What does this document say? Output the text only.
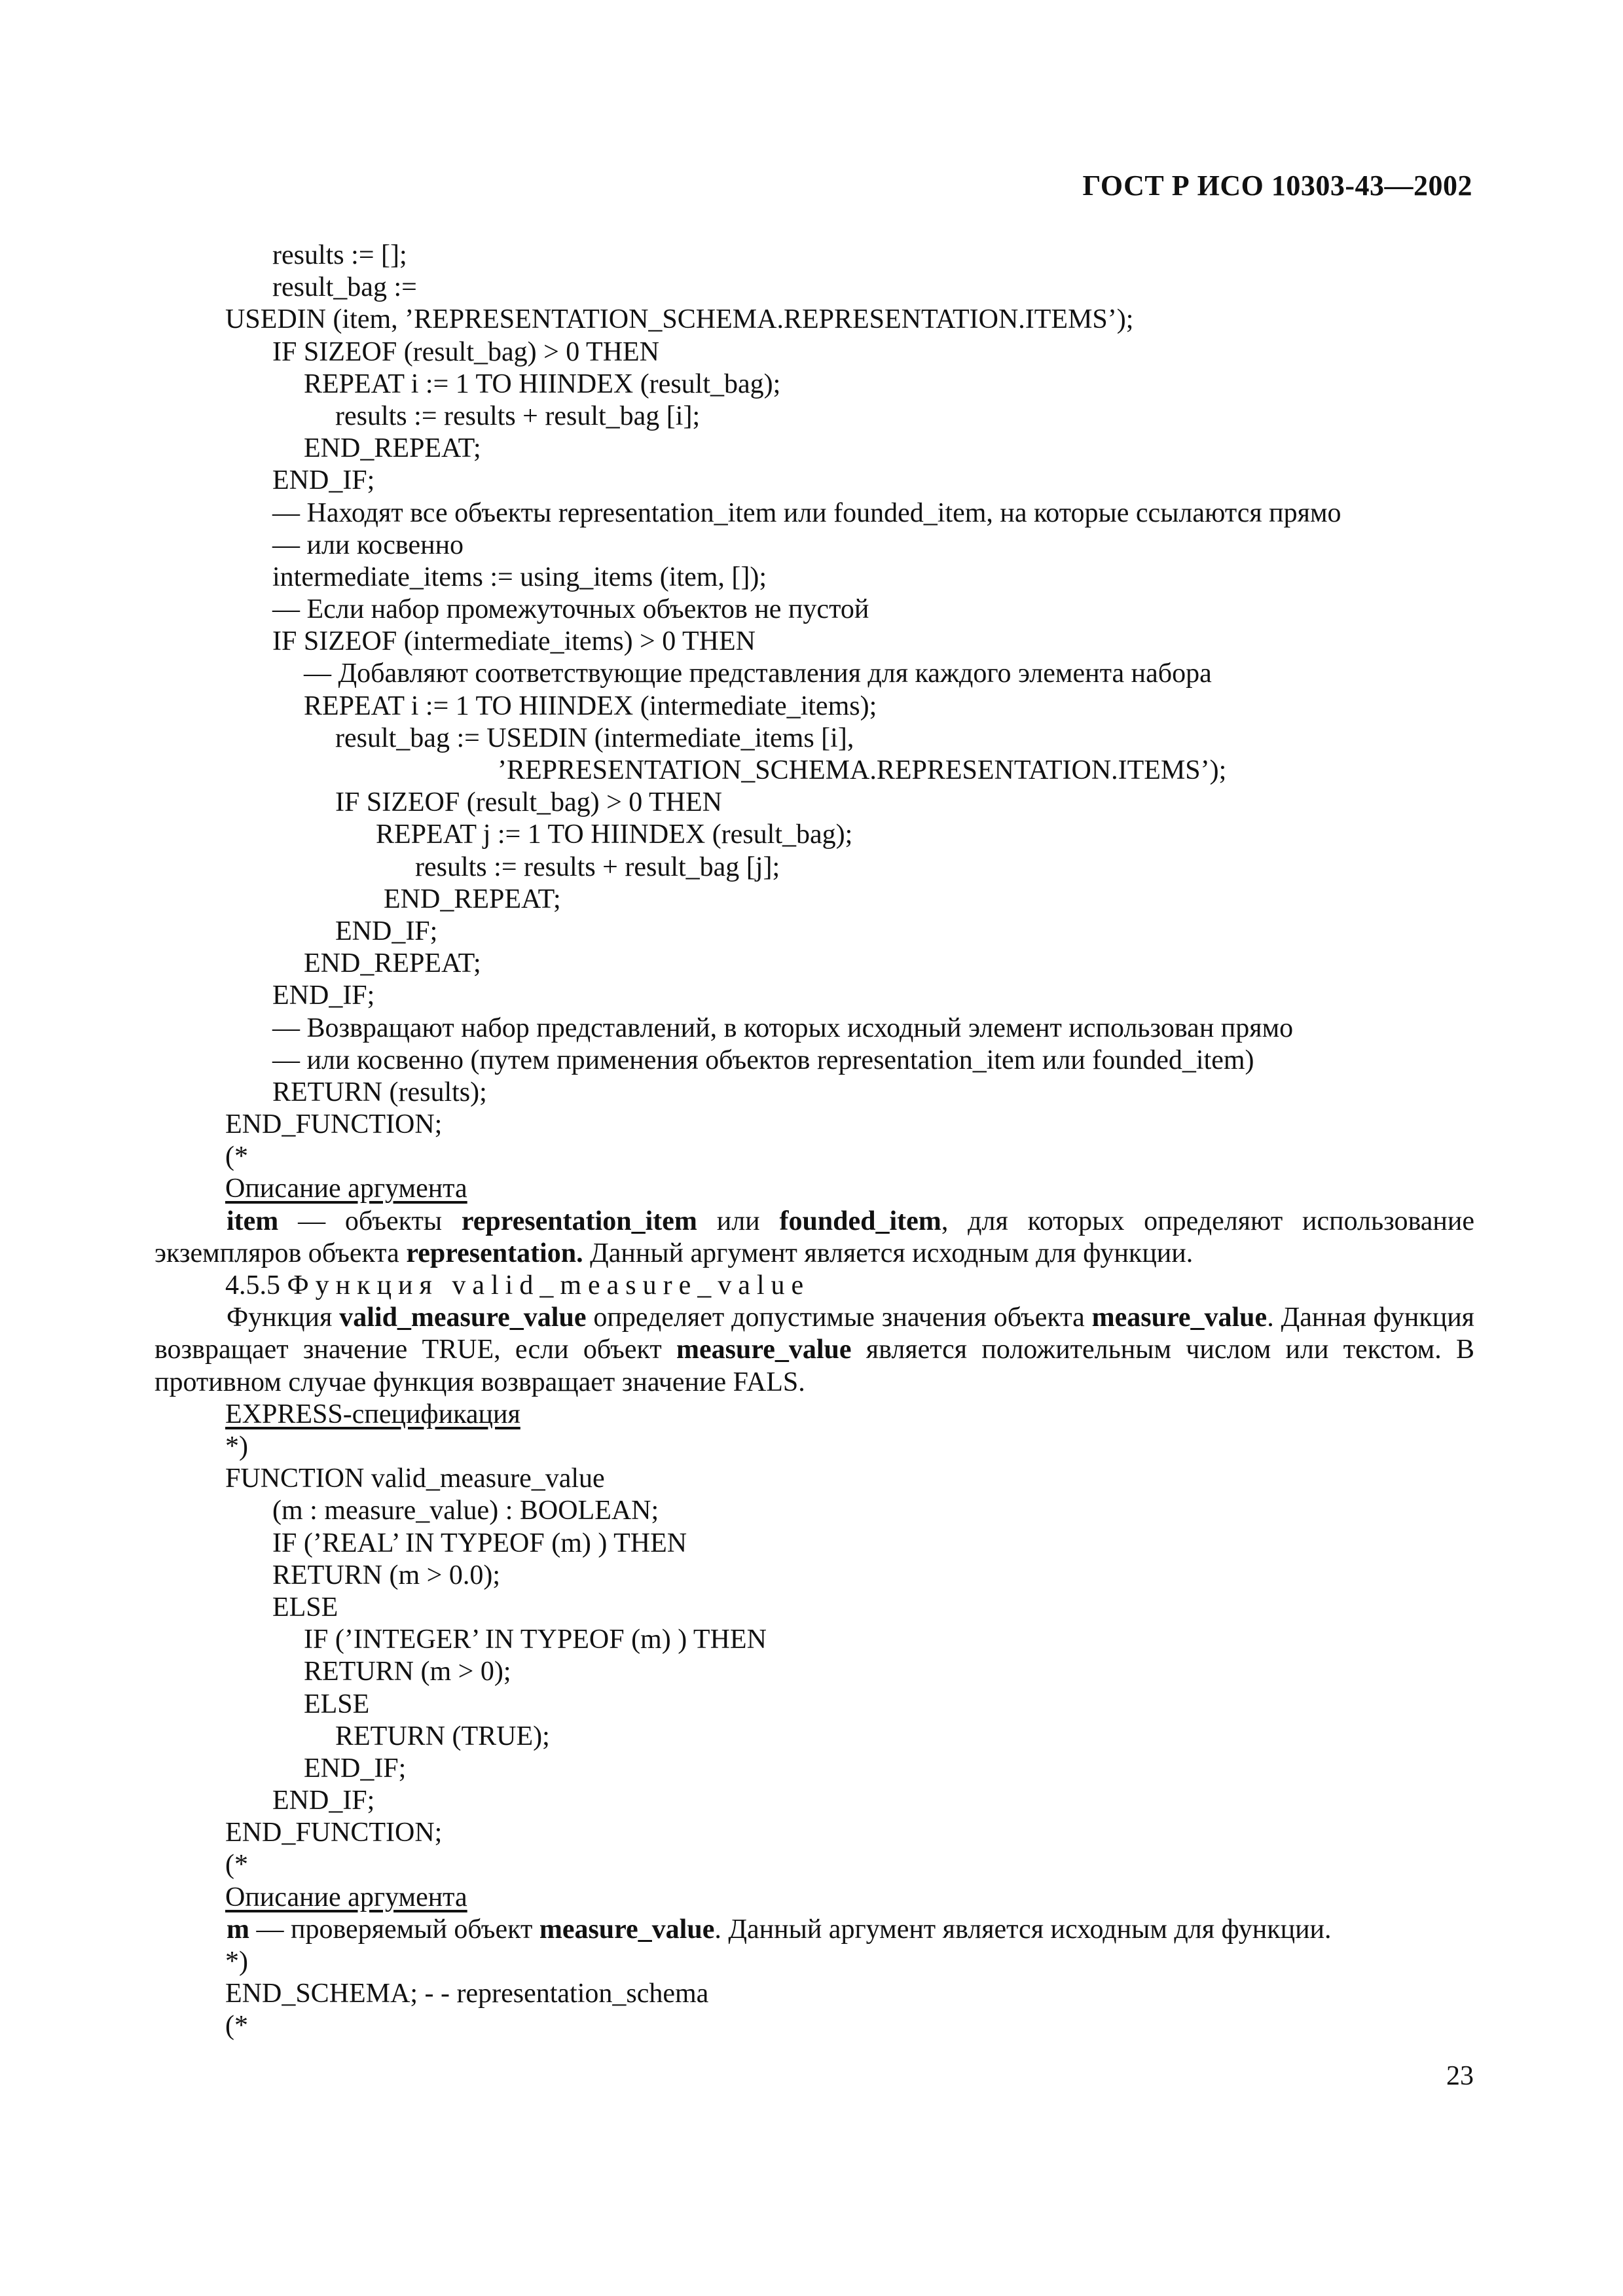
ГОСТ Р ИСО 10303-43—2002
results := [];
result_bag :=
USEDIN (item, ’REPRESENTATION_SCHEMA.REPRESENTATION.ITEMS’);
IF SIZEOF (result_bag) > 0 THEN
REPEAT i := 1 TO HIINDEX (result_bag);
results := results + result_bag [i];
END_REPEAT;
END_IF;
— Находят все объекты representation_item или founded_item, на которые ссылаются прямо
— или косвенно
intermediate_items := using_items (item, []);
— Если набор промежуточных объектов не пустой
IF SIZEOF (intermediate_items) > 0 THEN
— Добавляют соответствующие представления для каждого элемента набора
REPEAT i := 1 TO HIINDEX (intermediate_items);
result_bag := USEDIN (intermediate_items [i],
’REPRESENTATION_SCHEMA.REPRESENTATION.ITEMS’);
IF SIZEOF (result_bag) > 0 THEN
REPEAT j := 1 TO HIINDEX (result_bag);
results := results + result_bag [j];
END_REPEAT;
END_IF;
END_REPEAT;
END_IF;
— Возвращают набор представлений, в которых исходный элемент использован прямо
— или косвенно (путем применения объектов representation_item или founded_item)
RETURN (results);
END_FUNCTION;
(*
Описание аргумента
item — объекты representation_item или founded_item, для которых определяют использование экземпляров объекта representation. Данный аргумент является исходным для функции.
4.5.5 Функция valid_measure_value
Функция valid_measure_value определяет допустимые значения объекта measure_value. Данная функция возвращает значение TRUE, если объект measure_value является положительным числом или текстом. В противном случае функция возвращает значение FALS.
EXPRESS-спецификация
*)
FUNCTION valid_measure_value
(m : measure_value) : BOOLEAN;
IF (’REAL’ IN TYPEOF (m) ) THEN
RETURN (m > 0.0);
ELSE
IF (’INTEGER’ IN TYPEOF (m) ) THEN
RETURN (m > 0);
ELSE
RETURN (TRUE);
END_IF;
END_IF;
END_FUNCTION;
(*
Описание аргумента
m — проверяемый объект measure_value. Данный аргумент является исходным для функции.
*)
END_SCHEMA; - - representation_schema
(*
23
